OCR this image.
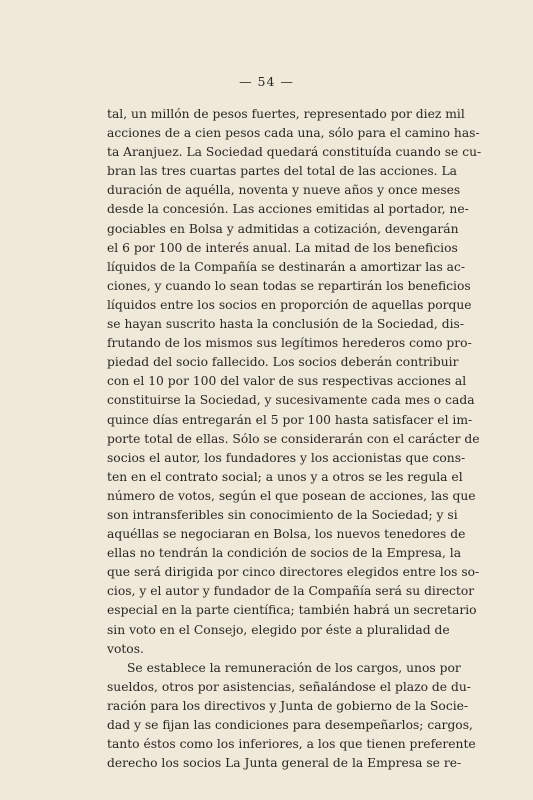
— 54 —
tal, un millón de pesos fuertes, representado por diez mil
acciones de a cien pesos cada una, sólo para el camino has-
ta Aranjuez. La Sociedad quedará constituída cuando se cu-
bran las tres cuartas partes del total de las acciones. La
duración de aquélla, noventa y nueve años y once meses
desde la concesión. Las acciones emitidas al portador, ne-
gociables en Bolsa y admitidas a cotización, devengarán
el 6 por 100 de interés anual. La mitad de los beneficios
líquidos de la Compañía se destinarán a amortizar las ac-
ciones, y cuando lo sean todas se repartirán los beneficios
líquidos entre los socios en proporción de aquellas porque
se hayan suscrito hasta la conclusión de la Sociedad, dis-
frutando de los mismos sus legítimos herederos como pro-
piedad del socio fallecido. Los socios deberán contribuir
con el 10 por 100 del valor de sus respectivas acciones al
constituirse la Sociedad, y sucesivamente cada mes o cada
quince días entregarán el 5 por 100 hasta satisfacer el im-
porte total de ellas. Sólo se considerarán con el carácter de
socios el autor, los fundadores y los accionistas que cons-
ten en el contrato social; a unos y a otros se les regula el
número de votos, según el que posean de acciones, las que
son intransferibles sin conocimiento de la Sociedad; y si
aquéllas se negociaran en Bolsa, los nuevos tenedores de
ellas no tendrán la condición de socios de la Empresa, la
que será dirigida por cinco directores elegidos entre los so-
cios, y el autor y fundador de la Compañía será su director
especial en la parte científica; también habrá un secretario
sin voto en el Consejo, elegido por éste a pluralidad de
votos.
Se establece la remuneración de los cargos, unos por
sueldos, otros por asistencias, señalándose el plazo de du-
ración para los directivos y Junta de gobierno de la Socie-
dad y se fijan las condiciones para desempeñarlos; cargos,
tanto éstos como los inferiores, a los que tienen preferente
derecho los socios La Junta general de la Empresa se re-
